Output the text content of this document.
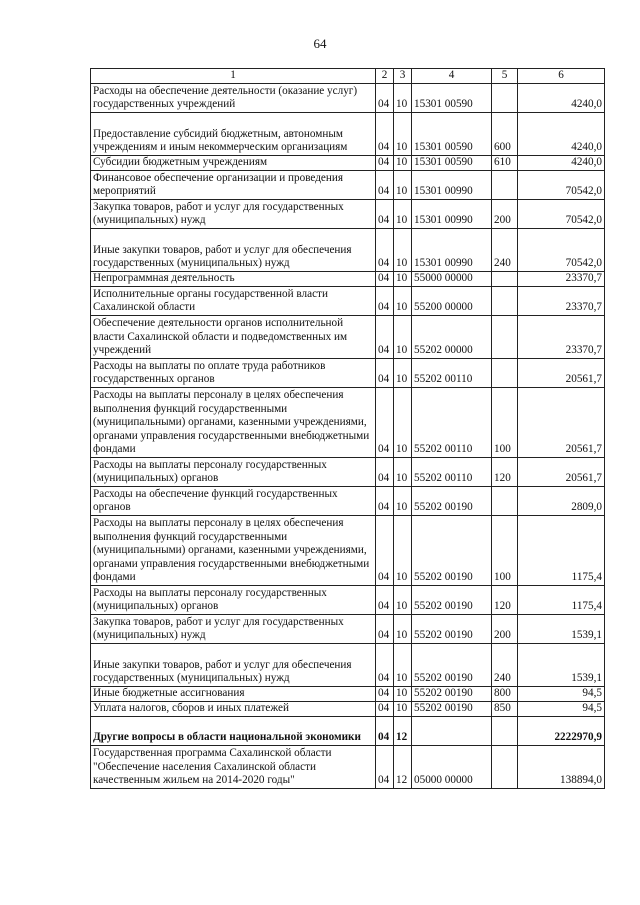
64
1	2	3	4	5	6
Расходы на обеспечение деятельности (оказание услуг) государственных учреждений	04	10	15301 00590		4240,0
Предоставление субсидий бюджетным, автономным учреждениям и иным некоммерческим организациям	04	10	15301 00590	600	4240,0
Субсидии бюджетным учреждениям	04	10	15301 00590	610	4240,0
Финансовое обеспечение организации и проведения мероприятий	04	10	15301 00990		70542,0
Закупка товаров, работ и услуг для государственных (муниципальных) нужд	04	10	15301 00990	200	70542,0
Иные закупки товаров, работ и услуг для обеспечения государственных (муниципальных) нужд	04	10	15301 00990	240	70542,0
Непрограммная деятельность	04	10	55000 00000		23370,7
Исполнительные органы государственной власти Сахалинской области	04	10	55200 00000		23370,7
Обеспечение деятельности органов исполнительной власти Сахалинской области и подведомственных им учреждений	04	10	55202 00000		23370,7
Расходы на выплаты по оплате труда работников государственных органов	04	10	55202 00110		20561,7
Расходы на выплаты персоналу в целях обеспечения выполнения функций государственными (муниципальными) органами, казенными учреждениями, органами управления государственными внебюджетными фондами	04	10	55202 00110	100	20561,7
Расходы на выплаты персоналу государственных (муниципальных) органов	04	10	55202 00110	120	20561,7
Расходы на обеспечение функций государственных органов	04	10	55202 00190		2809,0
Расходы на выплаты персоналу в целях обеспечения выполнения функций государственными (муниципальными) органами, казенными учреждениями, органами управления государственными внебюджетными фондами	04	10	55202 00190	100	1175,4
Расходы на выплаты персоналу государственных (муниципальных) органов	04	10	55202 00190	120	1175,4
Закупка товаров, работ и услуг для государственных (муниципальных) нужд	04	10	55202 00190	200	1539,1
Иные закупки товаров, работ и услуг для обеспечения государственных (муниципальных) нужд	04	10	55202 00190	240	1539,1
Иные бюджетные ассигнования	04	10	55202 00190	800	94,5
Уплата налогов, сборов и иных платежей	04	10	55202 00190	850	94,5
Другие вопросы в области национальной экономики	04	12			2222970,9
Государственная программа Сахалинской области "Обеспечение населения Сахалинской области качественным жильем на 2014-2020 годы"	04	12	05000 00000		138894,0
